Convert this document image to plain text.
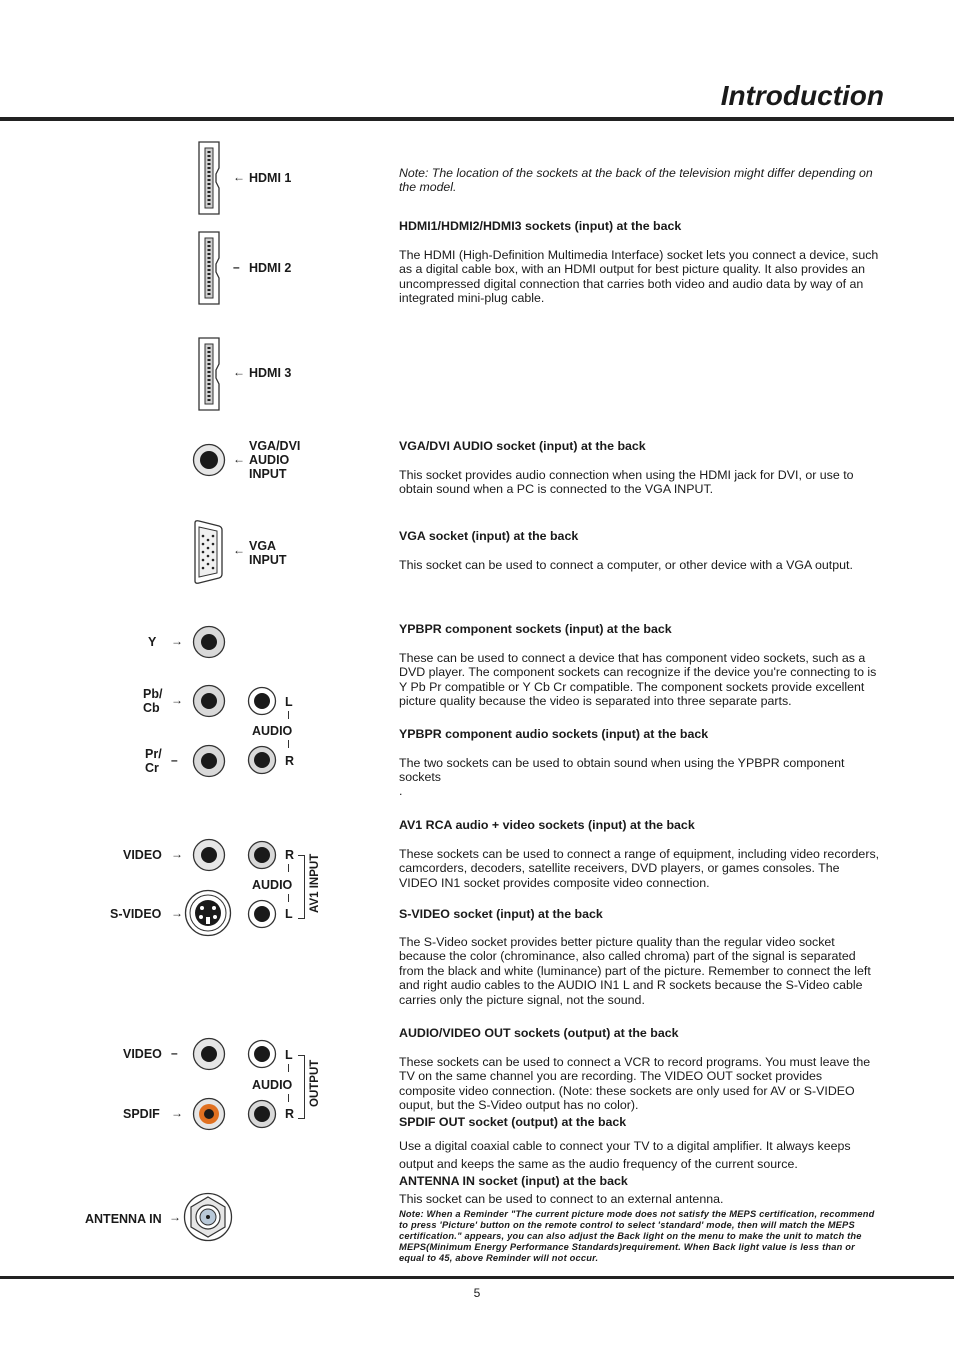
Introduction
← HDMI 1
– HDMI 2
← HDMI 3
←
VGA/DVI
AUDIO
INPUT
← VGA
INPUT
Y →
Pb/
Cb
→
Pr/
Cr
–
L
AUDIO
R
VIDEO →
S-VIDEO →
R
AUDIO
L
AV1 INPUT
VIDEO –
SPDIF →
L
AUDIO
R
OUTPUT
ANTENNA IN →
Note: The location of the sockets at the back of the television might differ depending on the model.
HDMI1/HDMI2/HDMI3 sockets (input) at the back
The HDMI (High-Definition Multimedia Interface) socket lets you connect a device, such as a digital cable box, with an HDMI output for best picture quality. It also provides an uncompressed digital connection that carries both video and audio data by way of an integrated mini-plug cable.
VGA/DVI AUDIO socket (input) at the back
This socket provides audio connection when using the HDMI jack for DVI, or use to obtain sound when a PC is connected to the VGA INPUT.
VGA socket (input) at the back
This socket can be used to connect a computer, or other device with a VGA output.
YPBPR component sockets (input) at the back
These can be used to connect a device that has component video sockets, such as a DVD player. The component sockets can recognize if the device you're connecting to is Y Pb Pr compatible or Y Cb Cr compatible. The component sockets provide excellent picture quality because the video is separated into three separate parts.
YPBPR component audio sockets (input) at the back
The two sockets can be used to obtain sound when using the YPBPR component sockets
.
AV1 RCA audio + video sockets (input) at the back
These sockets can be used to connect a range of equipment, including video recorders, camcorders, decoders, satellite receivers, DVD players, or games consoles. The VIDEO IN1 socket provides composite video connection.
S-VIDEO socket (input) at the back
The S-Video socket provides better picture quality than the regular video socket because the color (chrominance, also called chroma) part of the signal is separated from the black and white (luminance) part of the picture. Remember to connect the left and right audio cables to the AUDIO IN1 L and R sockets because the S-Video cable carries only the picture signal, not the sound.
AUDIO/VIDEO OUT sockets (output) at the back
These sockets can be used to connect a VCR to record programs. You must leave the TV on the same channel you are recording. The VIDEO OUT socket provides composite video connection. (Note: these sockets are only used for AV or S-VIDEO ouput, but the S-Video output has no color).
SPDIF OUT socket (output) at the back
Use a digital coaxial cable to connect your TV to a digital amplifier. It always keeps output and keeps the same as the audio frequency of the current source.
ANTENNA IN socket (input) at the back
This socket can be used to connect to an external antenna.
Note: When a Reminder "The current picture mode does not satisfy the MEPS certification, recommend to press 'Picture' button on the remote control to select 'standard' mode, then will match the MEPS certification." appears, you can also adjust the Back light on the menu to make the unit to match the MEPS(Minimum Energy Performance Standards)requirement. When Back light value is less than or equal to 45, above Reminder will not occur.
5
